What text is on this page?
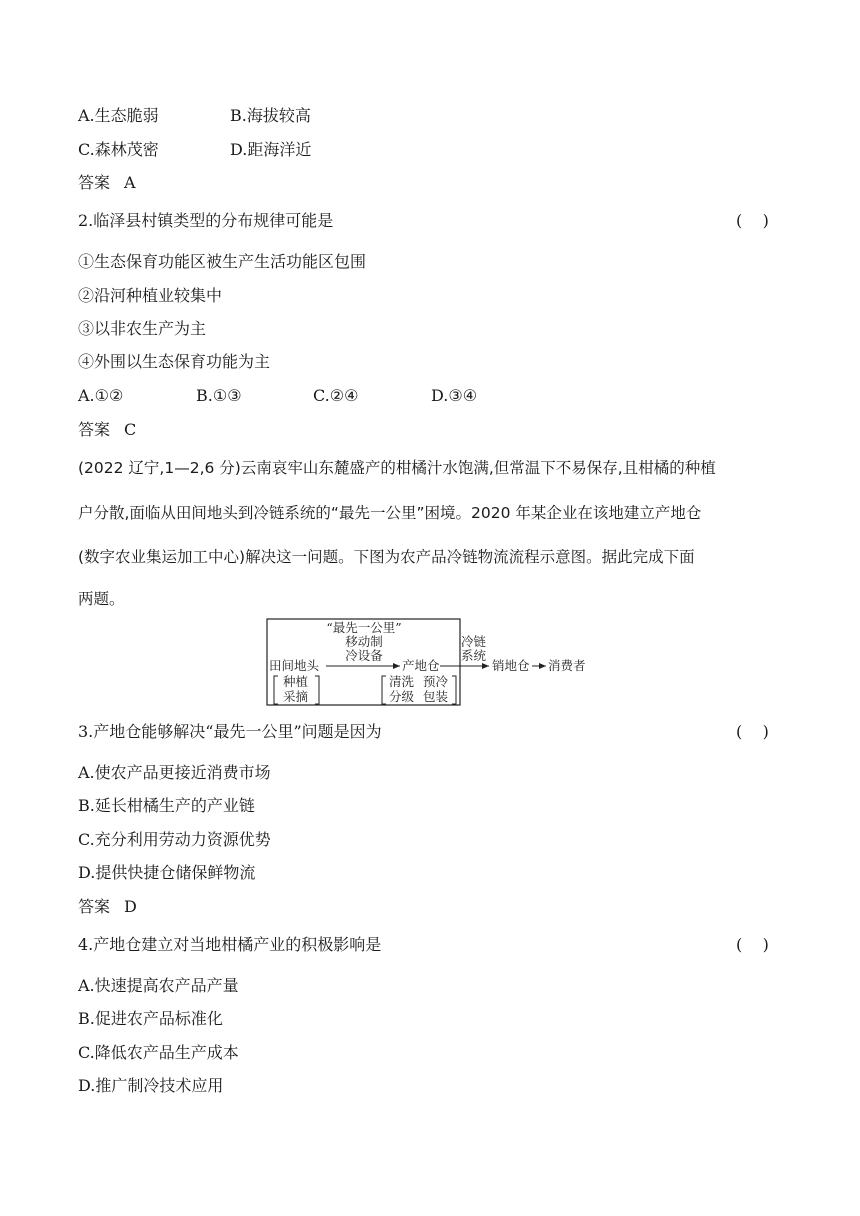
A.生态脆弱	B.海拔较高
C.森林茂密	D.距海洋近
答案 A
2.临泽县村镇类型的分布规律可能是	(    )
①生态保育功能区被生产生活功能区包围
②沿河种植业较集中
③以非农生产为主
④外围以生态保育功能为主
A.①②	B.①③	C.②④	D.③④
答案 C
(2022 辽宁,1—2,6 分)云南哀牢山东麓盛产的柑橘汁水饱满,但常温下不易保存,且柑橘的种植
户分散,面临从田间地头到冷链系统的“最先一公里”困境。2020 年某企业在该地建立产地仓
(数字农业集运加工中心)解决这一问题。下图为农产品冷链物流流程示意图。据此完成下面
两题。
“最先一公里”
移动制
冷设备
田间地头	产地仓
种植
采摘
清洗 预冷
分级 包装
冷链
系统
销地仓 消费者
3.产地仓能够解决“最先一公里”问题是因为	(    )
A.使农产品更接近消费市场
B.延长柑橘生产的产业链
C.充分利用劳动力资源优势
D.提供快捷仓储保鲜物流
答案 D
4.产地仓建立对当地柑橘产业的积极影响是	(    )
A.快速提高农产品产量
B.促进农产品标准化
C.降低农产品生产成本
D.推广制冷技术应用
